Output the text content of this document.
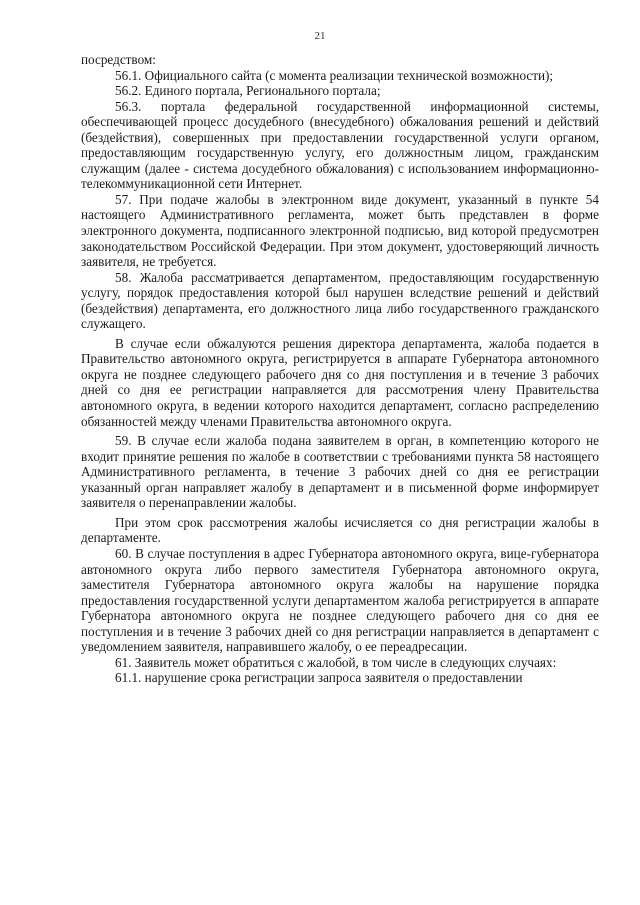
21

посредством:

56.1. Официального сайта (с момента реализации технической возможности);

56.2. Единого портала, Регионального портала;

56.3. портала федеральной государственной информационной системы, обеспечивающей процесс досудебного (внесудебного) обжалования решений и действий (бездействия), совершенных при предоставлении государственной услуги органом, предоставляющим государственную услугу, его должностным лицом, гражданским служащим (далее - система досудебного обжалования) с использованием информационно-телекоммуникационной сети Интернет.

57. При подаче жалобы в электронном виде документ, указанный в пункте 54 настоящего Административного регламента, может быть представлен в форме электронного документа, подписанного электронной подписью, вид которой предусмотрен законодательством Российской Федерации. При этом документ, удостоверяющий личность заявителя, не требуется.

58. Жалоба рассматривается департаментом, предоставляющим государственную услугу, порядок предоставления которой был нарушен вследствие решений и действий (бездействия) департамента, его должностного лица либо государственного гражданского служащего.

В случае если обжалуются решения директора департамента, жалоба подается в Правительство автономного округа, регистрируется в аппарате Губернатора автономного округа не позднее следующего рабочего дня со дня поступления и в течение 3 рабочих дней со дня ее регистрации направляется для рассмотрения члену Правительства автономного округа, в ведении которого находится департамент, согласно распределению обязанностей между членами Правительства автономного округа.

59. В случае если жалоба подана заявителем в орган, в компетенцию которого не входит принятие решения по жалобе в соответствии с требованиями пункта 58 настоящего Административного регламента, в течение 3 рабочих дней со дня ее регистрации указанный орган направляет жалобу в департамент и в письменной форме информирует заявителя о перенаправлении жалобы.

При этом срок рассмотрения жалобы исчисляется со дня регистрации жалобы в департаменте.

60. В случае поступления в адрес Губернатора автономного округа, вице-губернатора автономного округа либо первого заместителя Губернатора автономного округа, заместителя Губернатора автономного округа жалобы на нарушение порядка предоставления государственной услуги департаментом жалоба регистрируется в аппарате Губернатора автономного округа не позднее следующего рабочего дня со дня ее поступления и в течение 3 рабочих дней со дня регистрации направляется в департамент с уведомлением заявителя, направившего жалобу, о ее переадресации.

61. Заявитель может обратиться с жалобой, в том числе в следующих случаях:

61.1. нарушение срока регистрации запроса заявителя о предоставлении
